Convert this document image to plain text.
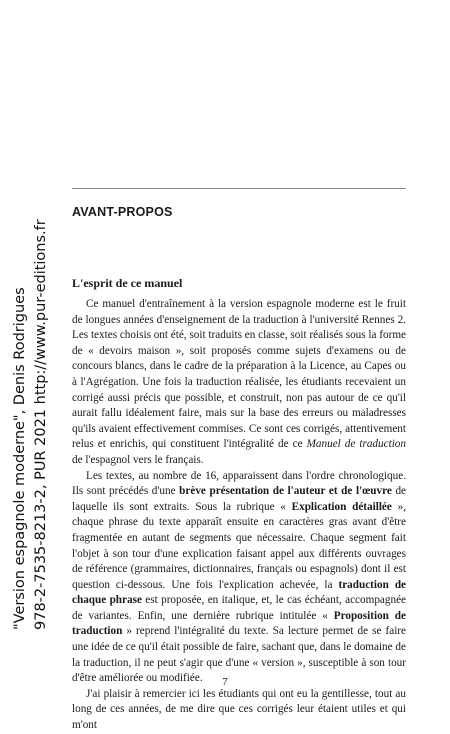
"Version espagnole moderne", Denis Rodrigues 978-2-7535-8213-2, PUR 2021 http://www.pur-editions.fr
AVANT-PROPOS
L'esprit de ce manuel

Ce manuel d'entraînement à la version espagnole moderne est le fruit de longues années d'enseignement de la traduction à l'université Rennes 2. Les textes choisis ont été, soit traduits en classe, soit réalisés sous la forme de « devoirs maison », soit proposés comme sujets d'examens ou de concours blancs, dans le cadre de la préparation à la Licence, au Capes ou à l'Agrégation. Une fois la traduction réalisée, les étudiants recevaient un corrigé aussi précis que possible, et construit, non pas autour de ce qu'il aurait fallu idéalement faire, mais sur la base des erreurs ou maladresses qu'ils avaient effectivement commises. Ce sont ces corrigés, attentivement relus et enrichis, qui constituent l'intégralité de ce Manuel de traduction de l'espagnol vers le français.

Les textes, au nombre de 16, apparaissent dans l'ordre chronologique. Ils sont précédés d'une brève présentation de l'auteur et de l'œuvre de laquelle ils sont extraits. Sous la rubrique « Explication détaillée », chaque phrase du texte apparaît ensuite en caractères gras avant d'être fragmentée en autant de segments que nécessaire. Chaque segment fait l'objet à son tour d'une explication faisant appel aux différents ouvrages de référence (grammaires, dictionnaires, français ou espagnols) dont il est question ci-dessous. Une fois l'explication achevée, la traduction de chaque phrase est proposée, en italique, et, le cas échéant, accompagnée de variantes. Enfin, une dernière rubrique intitulée « Proposition de traduction » reprend l'intégralité du texte. Sa lecture permet de se faire une idée de ce qu'il était possible de faire, sachant que, dans le domaine de la traduction, il ne peut s'agir que d'une « version », susceptible à son tour d'être améliorée ou modifiée.

J'ai plaisir à remercier ici les étudiants qui ont eu la gentillesse, tout au long de ces années, de me dire que ces corrigés leur étaient utiles et qui m'ont

7
